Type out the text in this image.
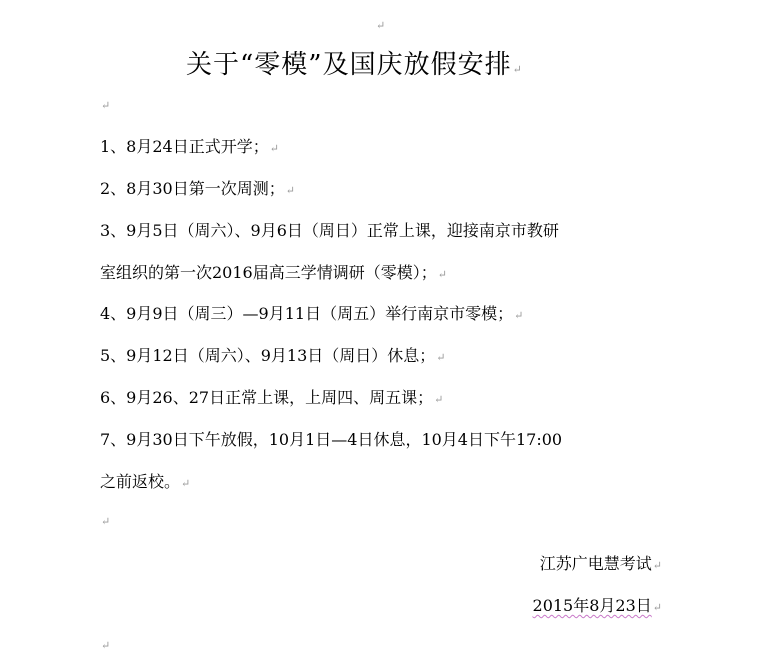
↵
关于“零模”及国庆放假安排↵
↵
1、8月24日正式开学；↵
2、8月30日第一次周测；↵
3、9月5日（周六）、9月6日（周日）正常上课，迎接南京市教研
室组织的第一次2016届高三学情调研（零模）；↵
4、9月9日（周三）—9月11日（周五）举行南京市零模；↵
5、9月12日（周六）、9月13日（周日）休息；↵
6、9月26、27日正常上课，上周四、周五课；↵
7、9月30日下午放假，10月1日—4日休息，10月4日下午17:00
之前返校。↵
↵
江苏广电慧考试↵
2015年8月23日↵
↵
